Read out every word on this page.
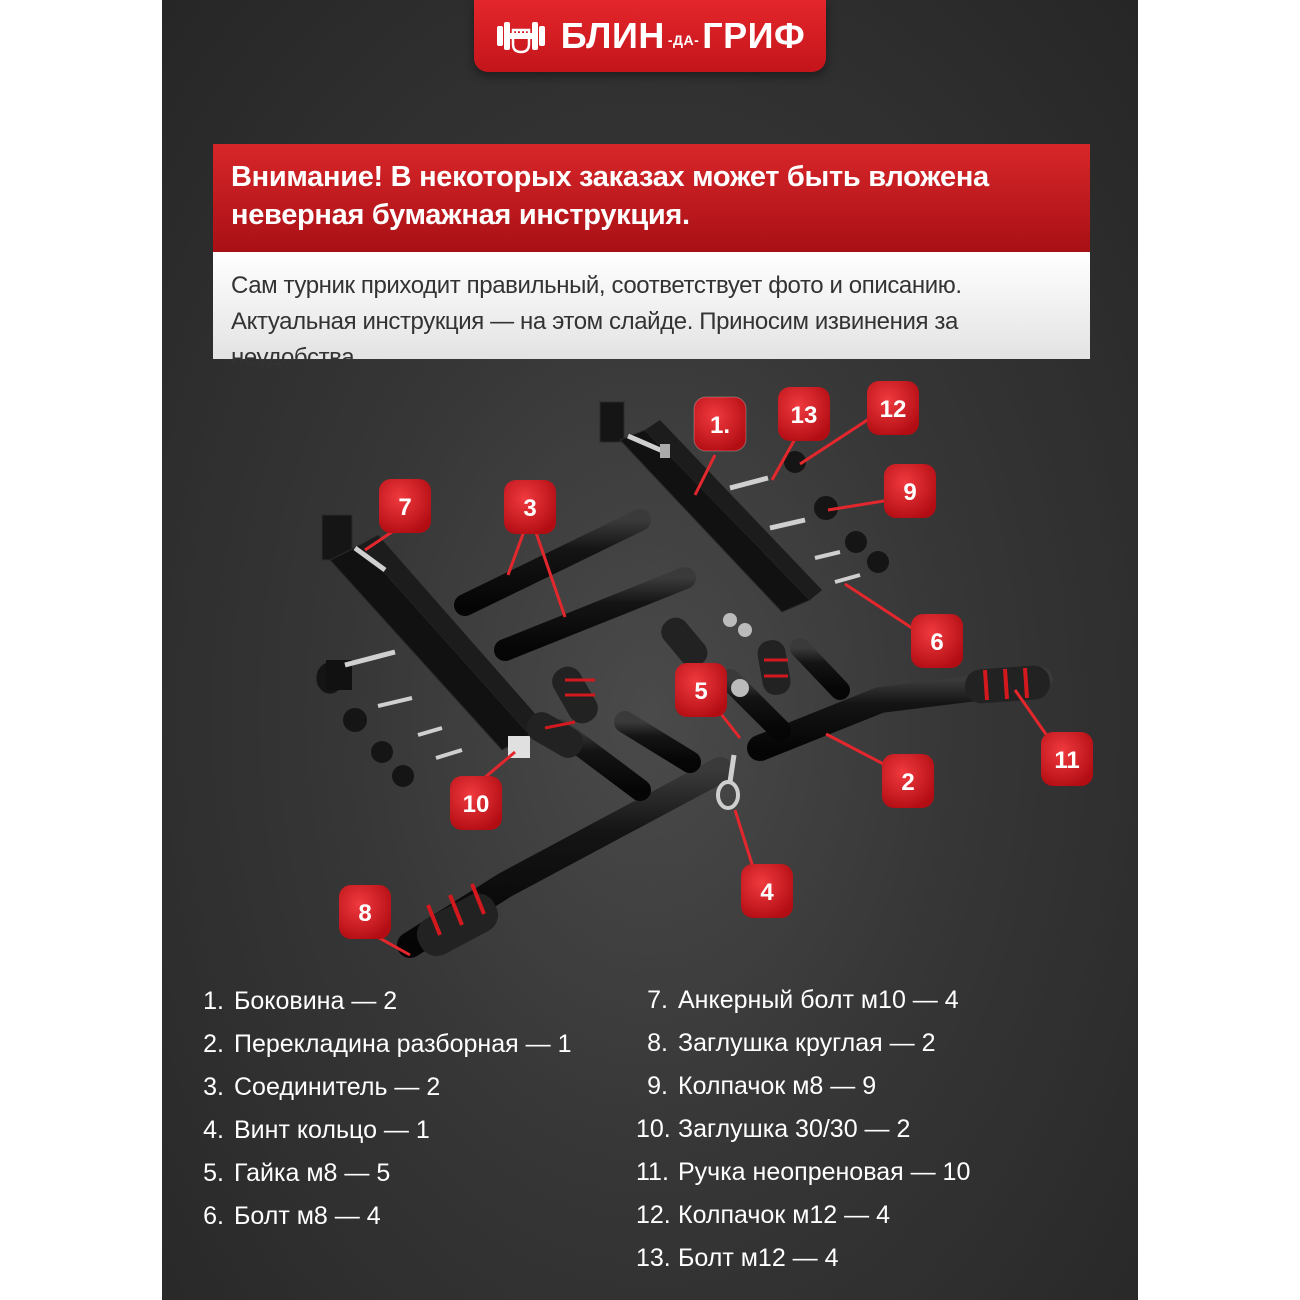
БЛИН -ДА- ГРИФ
Внимание! В некоторых заказах может быть вложена неверная бумажная инструкция.
Сам турник приходит правильный, соответствует фото и описанию. Актуальная инструкция — на этом слайде. Приносим извинения за неудобства.
1.
2
3
4
5
6
7
8
9
10
11
12
13
1. Боковина — 2
2. Перекладина разборная — 1
3. Соединитель — 2
4. Винт кольцо — 1
5. Гайка м8 — 5
6. Болт м8 — 4
7. Анкерный болт м10 — 4
8. Заглушка круглая — 2
9. Колпачок м8 — 9
10. Заглушка 30/30 — 2
11. Ручка неопреновая — 10
12. Колпачок м12 — 4
13. Болт м12 — 4
